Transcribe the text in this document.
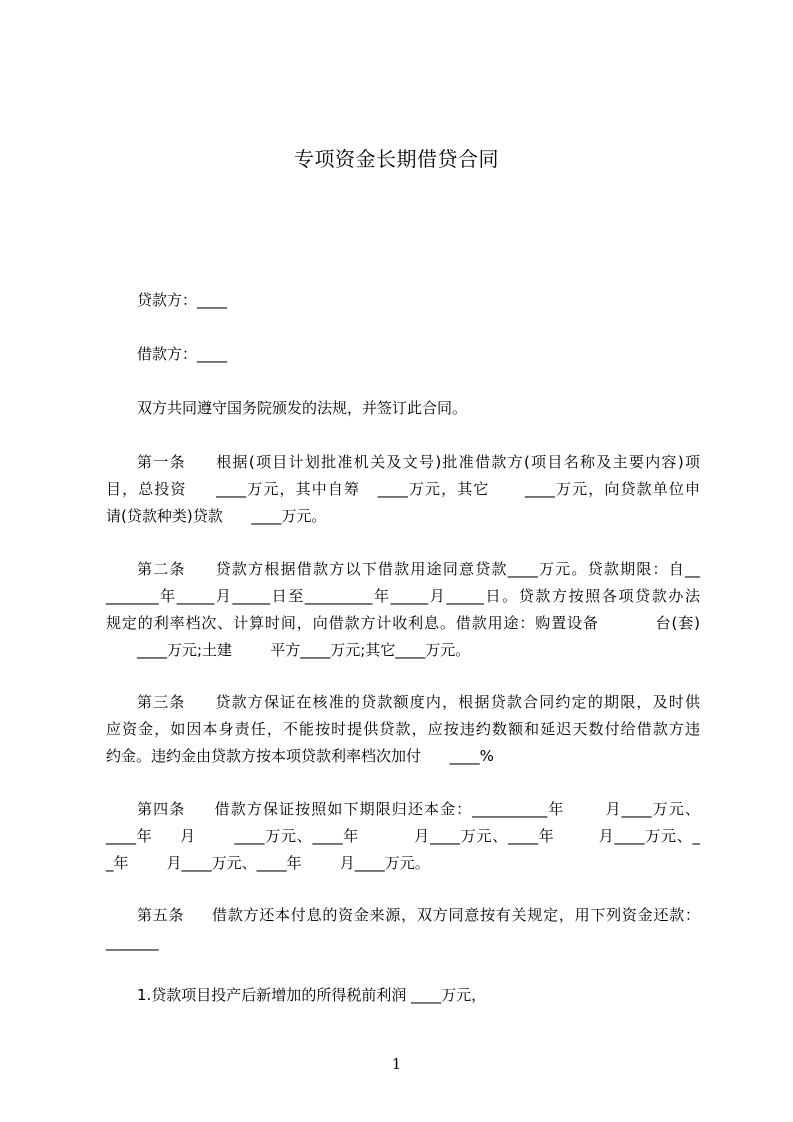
专项资金长期借贷合同
贷款方：____
借款方：____
双方共同遵守国务院颁发的法规，并签订此合同。
第一条     根据(项目计划批准机关及文号)批准借款方(项目名称及主要内容)项
目，总投资     ____万元，其中自筹   ____万元，其它      ____万元，向贷款单位申
请(贷款种类)贷款      ____万元。
第二条     贷款方根据借款方以下借款用途同意贷款____万元。贷款期限：自__
_______年_____月_____日至_________年_____月_____日。贷款方按照各项贷款办法
规定的利率档次、计算时间，向借款方计收利息。借款用途：购置设备          台(套)
____万元;土建        平方____万元;其它____万元。
第三条     贷款方保证在核准的贷款额度内，根据贷款合同约定的期限，及时供
应资金，如因本身责任，不能按时提供贷款，应按违约数额和延迟天数付给借款方违
约金。违约金由贷款方按本项贷款利率档次加付      ____%
第四条     借款方保证按照如下期限归还本金：__________年       月____万元、
____年     月       ____万元、____年          月____万元、____年        月____万元、_
_年        月____万元、____年        月____万元。
第五条     借款方还本付息的资金来源，双方同意按有关规定，用下列资金还款：
_______
1.贷款项目投产后新增加的所得税前利润 ____万元，
1
